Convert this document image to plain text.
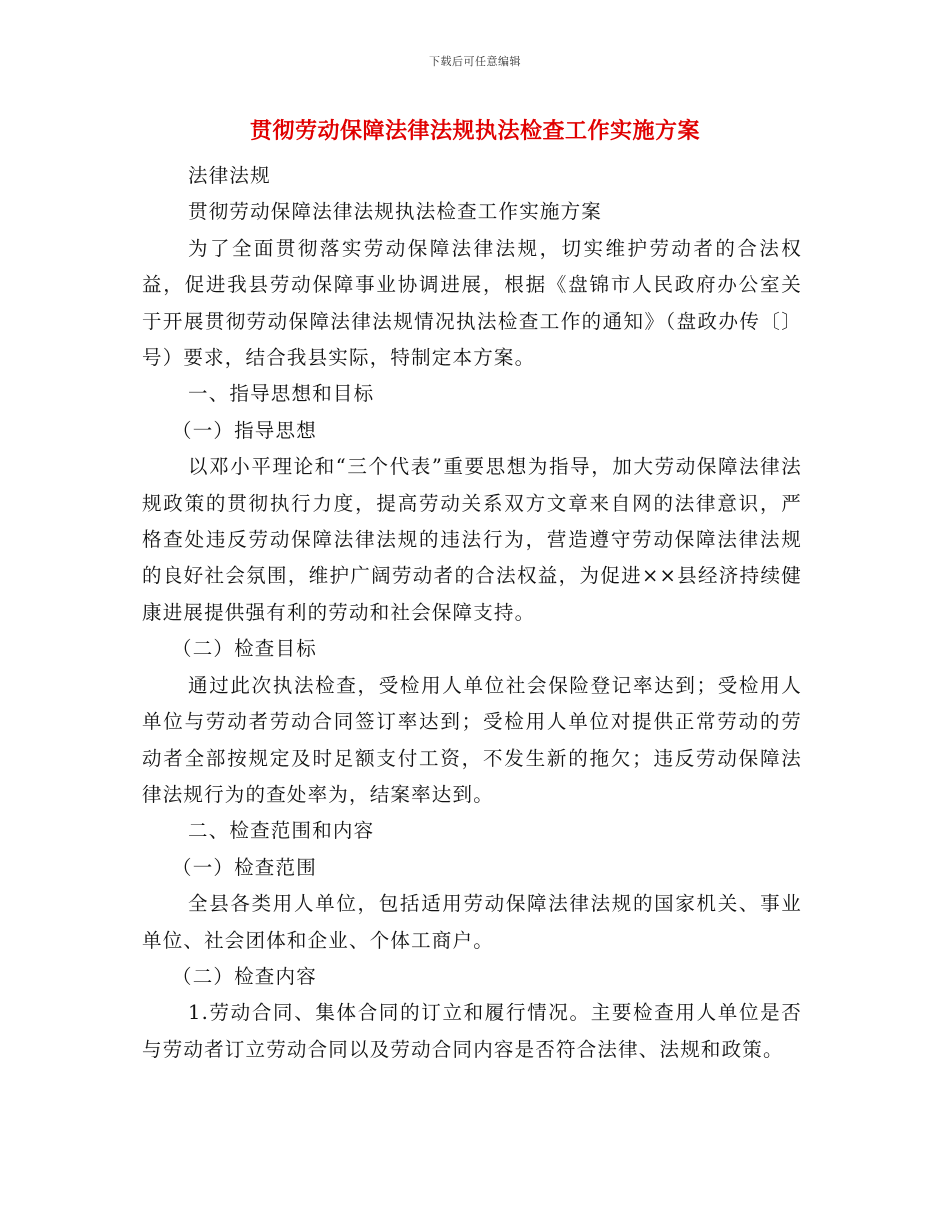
下载后可任意编辑
贯彻劳动保障法律法规执法检查工作实施方案

法律法规

贯彻劳动保障法律法规执法检查工作实施方案

为了全面贯彻落实劳动保障法律法规，切实维护劳动者的合法权益，促进我县劳动保障事业协调进展，根据《盘锦市人民政府办公室关于开展贯彻劳动保障法律法规情况执法检查工作的通知》（盘政办传〔〕号）要求，结合我县实际，特制定本方案。

一、指导思想和目标

（一）指导思想

以邓小平理论和“三个代表”重要思想为指导，加大劳动保障法律法规政策的贯彻执行力度，提高劳动关系双方文章来自网的法律意识，严格查处违反劳动保障法律法规的违法行为，营造遵守劳动保障法律法规的良好社会氛围，维护广阔劳动者的合法权益，为促进××县经济持续健康进展提供强有利的劳动和社会保障支持。

（二）检查目标

通过此次执法检查，受检用人单位社会保险登记率达到；受检用人单位与劳动者劳动合同签订率达到；受检用人单位对提供正常劳动的劳动者全部按规定及时足额支付工资，不发生新的拖欠；违反劳动保障法律法规行为的查处率为，结案率达到。

二、检查范围和内容

（一）检查范围

全县各类用人单位，包括适用劳动保障法律法规的国家机关、事业单位、社会团体和企业、个体工商户。

（二）检查内容

1.劳动合同、集体合同的订立和履行情况。主要检查用人单位是否与劳动者订立劳动合同以及劳动合同内容是否符合法律、法规和政策。
